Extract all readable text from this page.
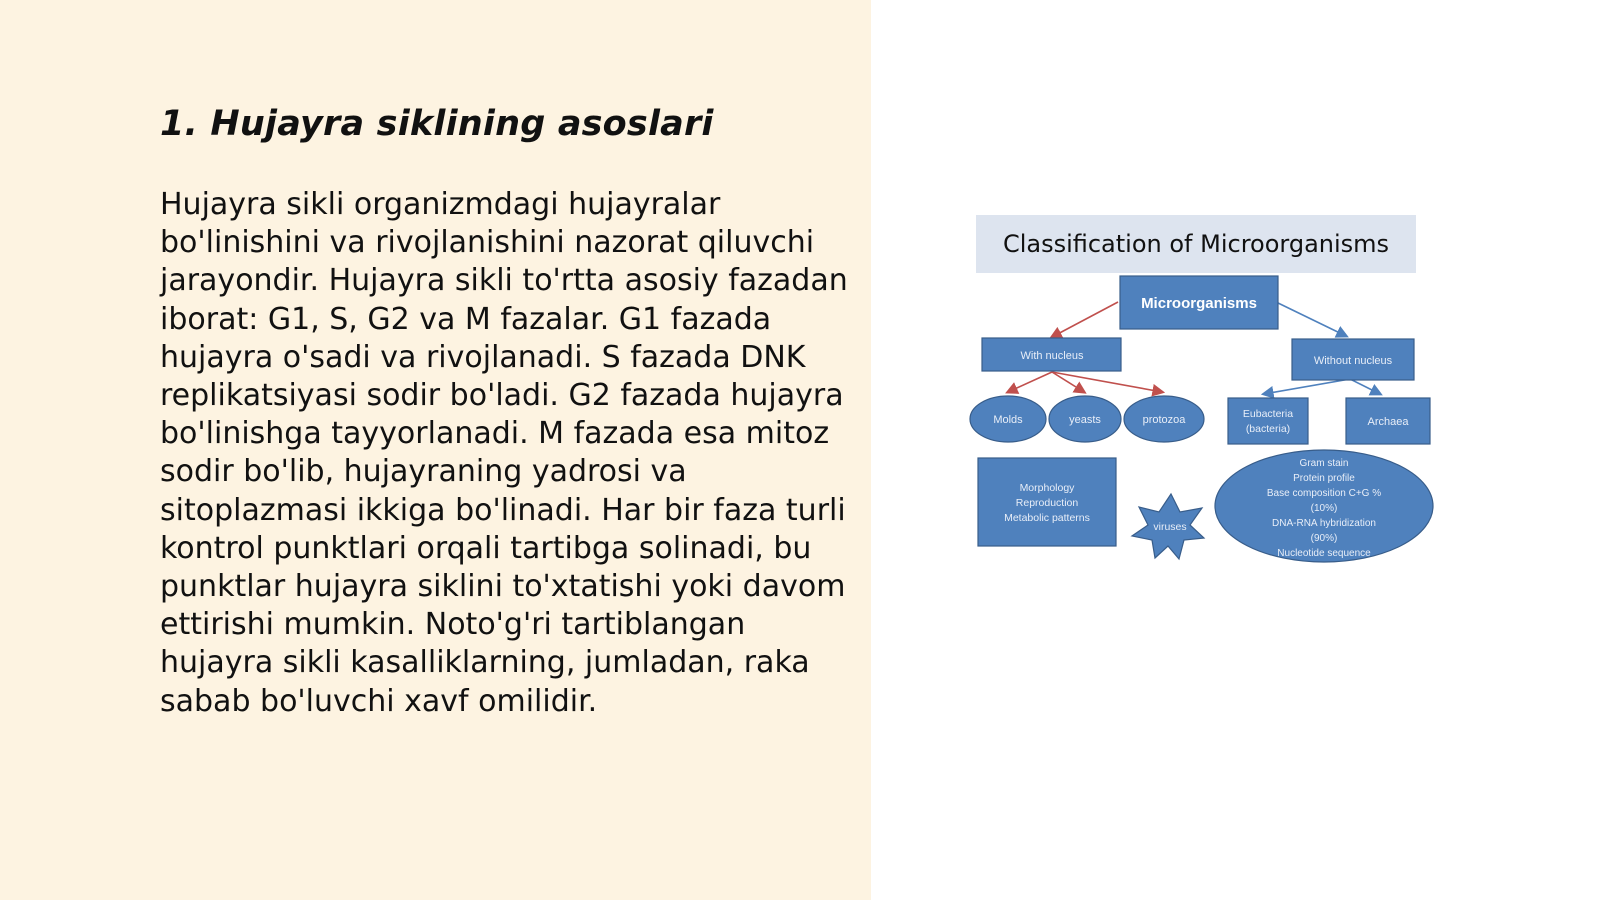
1. Hujayra siklining asoslari

Hujayra sikli organizmdagi hujayralar bo'linishini va rivojlanishini nazorat qiluvchi jarayondir. Hujayra sikli to'rtta asosiy fazadan iborat: G1, S, G2 va M fazalar. G1 fazada hujayra o'sadi va rivojlanadi. S fazada DNK replikatsiyasi sodir bo'ladi. G2 fazada hujayra bo'linishga tayyorlanadi. M fazada esa mitoz sodir bo'lib, hujayraning yadrosi va sitoplazmasi ikkiga bo'linadi. Har bir faza turli kontrol punktlari orqali tartibga solinadi, bu punktlar hujayra siklini to'xtatishi yoki davom ettirishi mumkin. Noto'g'ri tartiblangan hujayra sikli kasalliklarning, jumladan, raka sabab bo'luvchi xavf omilidir.

Classification of Microorganisms
Microorganisms
With nucleus	Without nucleus
Molds	yeasts	protozoa	Eubacteria
(bacteria)
Archaea
Morphology
Reproduction
Metabolic patterns
viruses
Gram stain
Protein profile
Base composition C+G %
(10%)
DNA-RNA hybridization
(90%)
Nucleotide sequence
